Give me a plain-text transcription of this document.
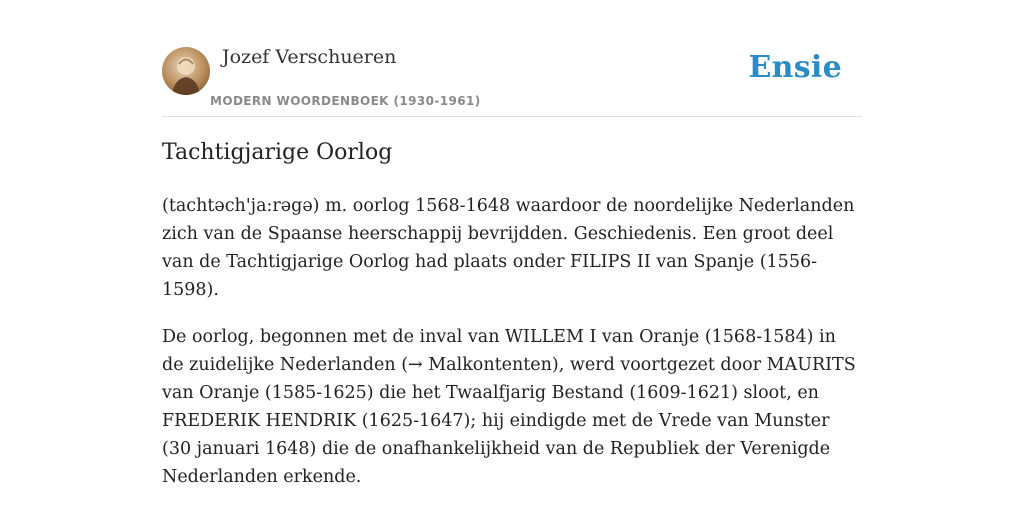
Jozef Verschueren
MODERN WOORDENBOEK (1930-1961)
Ensie
Tachtigjarige Oorlog

(tachtəch'ja:rəgə) m. oorlog 1568-1648 waardoor de noordelijke Nederlanden zich van de Spaanse heerschappij bevrijdden. Geschiedenis. Een groot deel van de Tachtigjarige Oorlog had plaats onder FILIPS II van Spanje (1556-1598).

De oorlog, begonnen met de inval van WILLEM I van Oranje (1568-1584) in de zuidelijke Nederlanden (→ Malkontenten), werd voortgezet door MAURITS van Oranje (1585-1625) die het Twaalfjarig Bestand (1609-1621) sloot, en FREDERIK HENDRIK (1625-1647); hij eindigde met de Vrede van Munster (30 januari 1648) die de onafhankelijkheid van de Republiek der Verenigde Nederlanden erkende.
